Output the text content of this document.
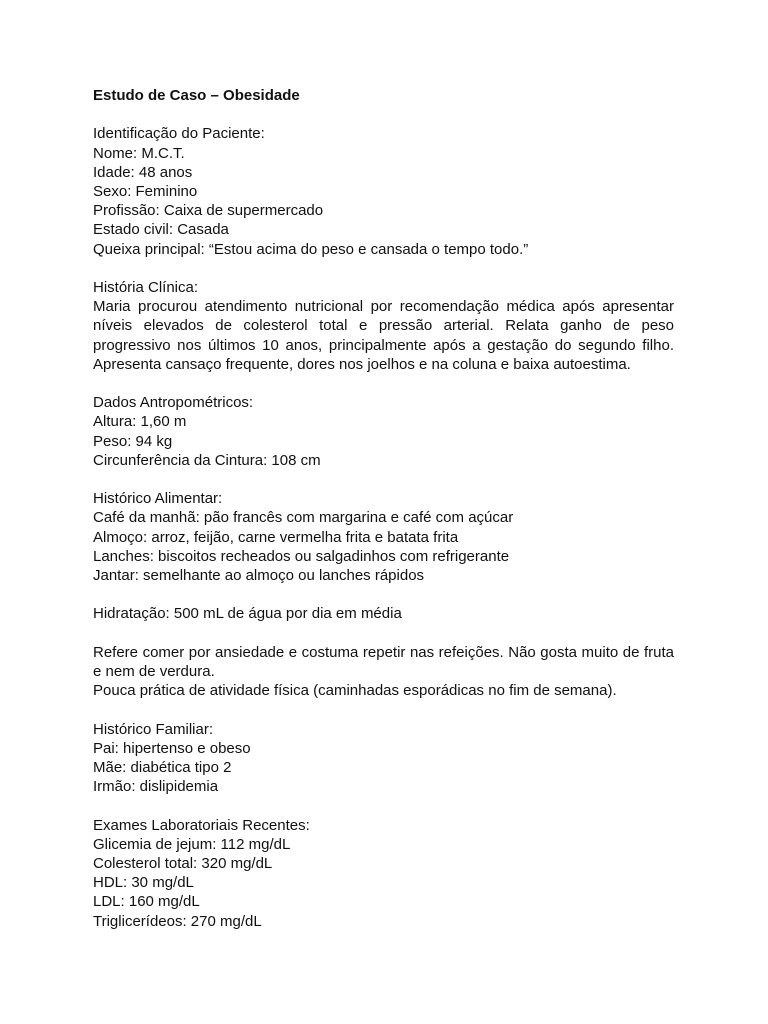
Estudo de Caso – Obesidade

Identificação do Paciente:

Nome: M.C.T.

Idade: 48 anos

Sexo: Feminino

Profissão: Caixa de supermercado

Estado civil: Casada

Queixa principal: “Estou acima do peso e cansada o tempo todo.”

História Clínica:

Maria procurou atendimento nutricional por recomendação médica após apresentar níveis elevados de colesterol total e pressão arterial. Relata ganho de peso progressivo nos últimos 10 anos, principalmente após a gestação do segundo filho. Apresenta cansaço frequente, dores nos joelhos e na coluna e baixa autoestima.

Dados Antropométricos:

Altura: 1,60 m

Peso: 94 kg

Circunferência da Cintura: 108 cm

Histórico Alimentar:

Café da manhã: pão francês com margarina e café com açúcar

Almoço: arroz, feijão, carne vermelha frita e batata frita

Lanches: biscoitos recheados ou salgadinhos com refrigerante

Jantar: semelhante ao almoço ou lanches rápidos

Hidratação: 500 mL de água por dia em média

Refere comer por ansiedade e costuma repetir nas refeições. Não gosta muito de fruta e nem de verdura.

Pouca prática de atividade física (caminhadas esporádicas no fim de semana).

Histórico Familiar:

Pai: hipertenso e obeso

Mãe: diabética tipo 2

Irmão: dislipidemia

Exames Laboratoriais Recentes:

Glicemia de jejum: 112 mg/dL

Colesterol total: 320 mg/dL

HDL: 30 mg/dL

LDL: 160 mg/dL

Triglicerídeos: 270 mg/dL
